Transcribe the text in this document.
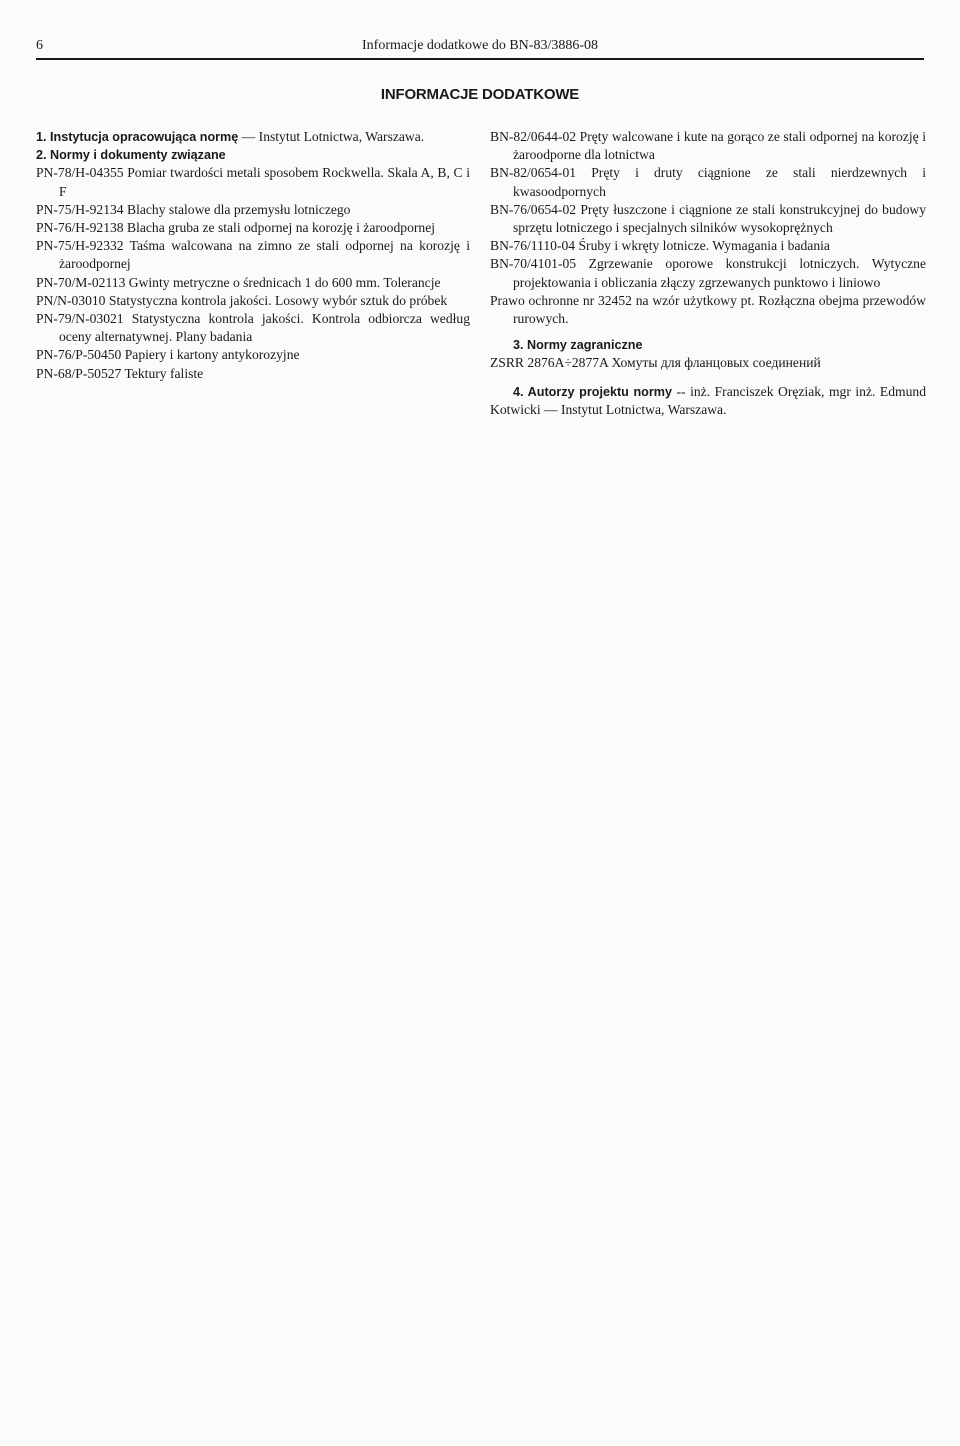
6	Informacje dodatkowe do BN-83/3886-08
INFORMACJE DODATKOWE

1. Instytucja opracowująca normę — Instytut Lotnictwa, Warszawa.

2. Normy i dokumenty związane

PN-78/H-04355 Pomiar twardości metali sposobem Rockwella. Skala A, B, C i F

PN-75/H-92134 Blachy stalowe dla przemysłu lotniczego

PN-76/H-92138 Blacha gruba ze stali odpornej na korozję i żaroodpornej

PN-75/H-92332 Taśma walcowana na zimno ze stali odpornej na korozję i żaroodpornej

PN-70/M-02113 Gwinty metryczne o średnicach 1 do 600 mm. Tolerancje

PN/N-03010 Statystyczna kontrola jakości. Losowy wybór sztuk do próbek

PN-79/N-03021 Statystyczna kontrola jakości. Kontrola odbiorcza według oceny alternatywnej. Plany badania

PN-76/P-50450 Papiery i kartony antykorozyjne

PN-68/P-50527 Tektury faliste

BN-82/0644-02 Pręty walcowane i kute na gorąco ze stali odpornej na korozję i żaroodporne dla lotnictwa

BN-82/0654-01 Pręty i druty ciągnione ze stali nierdzewnych i kwasoodpornych

BN-76/0654-02 Pręty łuszczone i ciągnione ze stali konstrukcyjnej do budowy sprzętu lotniczego i specjalnych silników wysokoprężnych

BN-76/1110-04 Śruby i wkręty lotnicze. Wymagania i badania

BN-70/4101-05 Zgrzewanie oporowe konstrukcji lotniczych. Wytyczne projektowania i obliczania złączy zgrzewanych punktowo i liniowo

Prawo ochronne nr 32452 na wzór użytkowy pt. Rozłączna obejma przewodów rurowych.

3. Normy zagraniczne

ZSRR 2876A÷2877A Хомуты для фланцовых соединений

4. Autorzy projektu normy -- inż. Franciszek Oręziak, mgr inż. Edmund Kotwicki — Instytut Lotnictwa, Warszawa.
